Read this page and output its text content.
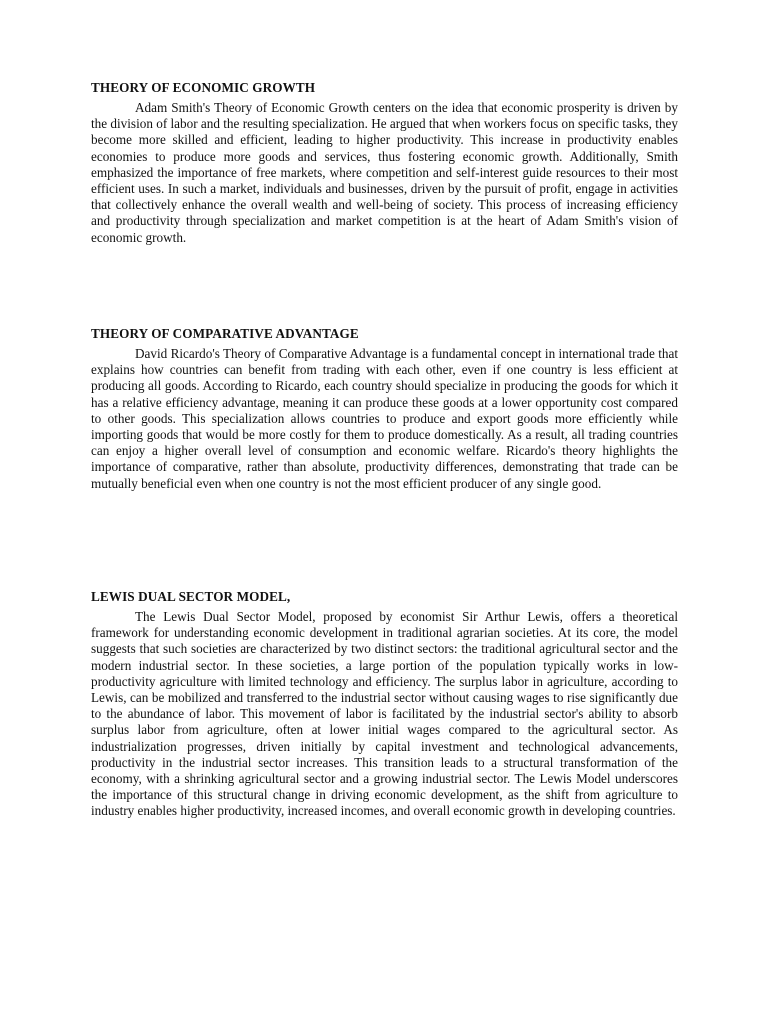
THEORY OF ECONOMIC GROWTH

Adam Smith's Theory of Economic Growth centers on the idea that economic prosperity is driven by the division of labor and the resulting specialization. He argued that when workers focus on specific tasks, they become more skilled and efficient, leading to higher productivity. This increase in productivity enables economies to produce more goods and services, thus fostering economic growth. Additionally, Smith emphasized the importance of free markets, where competition and self-interest guide resources to their most efficient uses. In such a market, individuals and businesses, driven by the pursuit of profit, engage in activities that collectively enhance the overall wealth and well-being of society. This process of increasing efficiency and productivity through specialization and market competition is at the heart of Adam Smith's vision of economic growth.

THEORY OF COMPARATIVE ADVANTAGE

David Ricardo's Theory of Comparative Advantage is a fundamental concept in international trade that explains how countries can benefit from trading with each other, even if one country is less efficient at producing all goods. According to Ricardo, each country should specialize in producing the goods for which it has a relative efficiency advantage, meaning it can produce these goods at a lower opportunity cost compared to other goods. This specialization allows countries to produce and export goods more efficiently while importing goods that would be more costly for them to produce domestically. As a result, all trading countries can enjoy a higher overall level of consumption and economic welfare. Ricardo's theory highlights the importance of comparative, rather than absolute, productivity differences, demonstrating that trade can be mutually beneficial even when one country is not the most efficient producer of any single good.

LEWIS DUAL SECTOR MODEL,

The Lewis Dual Sector Model, proposed by economist Sir Arthur Lewis, offers a theoretical framework for understanding economic development in traditional agrarian societies. At its core, the model suggests that such societies are characterized by two distinct sectors: the traditional agricultural sector and the modern industrial sector. In these societies, a large portion of the population typically works in low-productivity agriculture with limited technology and efficiency. The surplus labor in agriculture, according to Lewis, can be mobilized and transferred to the industrial sector without causing wages to rise significantly due to the abundance of labor. This movement of labor is facilitated by the industrial sector's ability to absorb surplus labor from agriculture, often at lower initial wages compared to the agricultural sector. As industrialization progresses, driven initially by capital investment and technological advancements, productivity in the industrial sector increases. This transition leads to a structural transformation of the economy, with a shrinking agricultural sector and a growing industrial sector. The Lewis Model underscores the importance of this structural change in driving economic development, as the shift from agriculture to industry enables higher productivity, increased incomes, and overall economic growth in developing countries.
